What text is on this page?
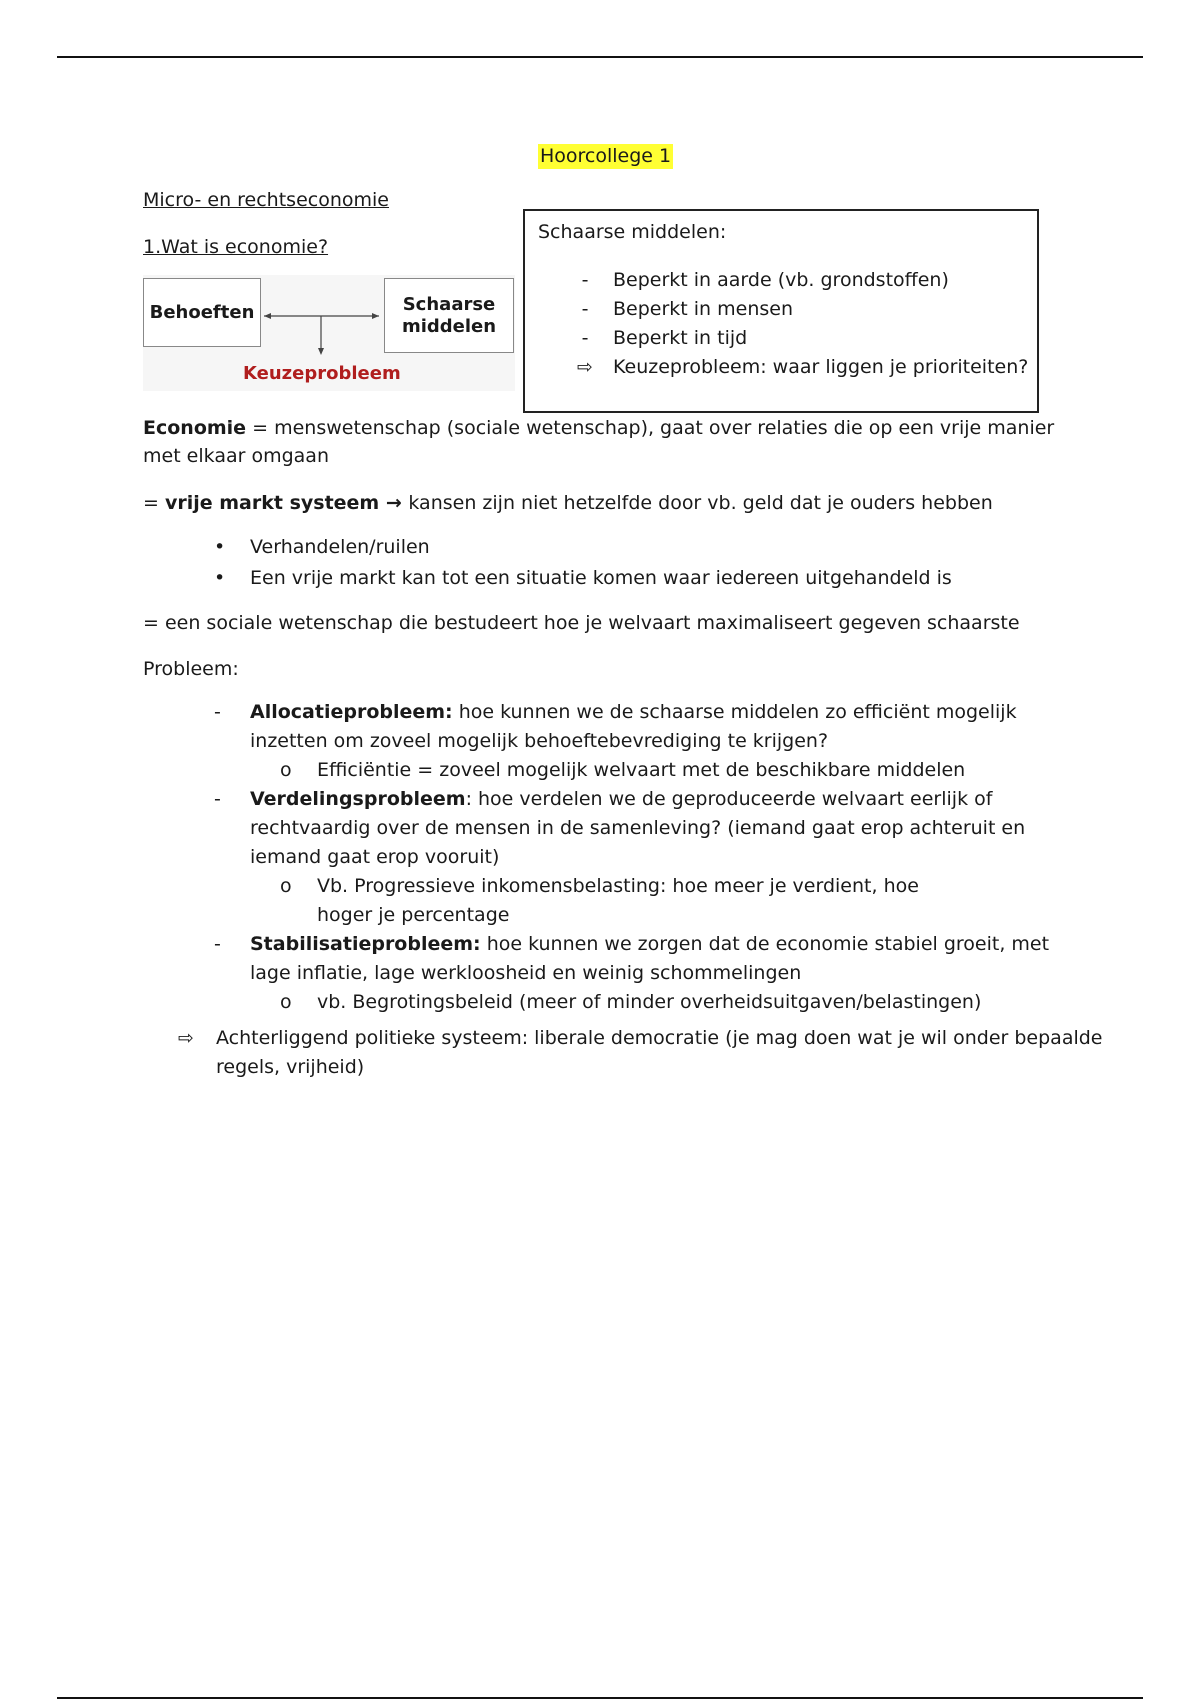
Hoorcollege 1
Micro- en rechtseconomie
1.Wat is economie?
Behoeften	Schaarse
middelen
Keuzeprobleem
Schaarse middelen:
-	Beperkt in aarde (vb. grondstoffen)
-	Beperkt in mensen
-	Beperkt in tijd
⇨ Keuzeprobleem: waar liggen je prioriteiten?

Economie = menswetenschap (sociale wetenschap), gaat over relaties die op een vrije manier met elkaar omgaan

= vrije markt systeem → kansen zijn niet hetzelfde door vb. geld dat je ouders hebben

• Verhandelen/ruilen
• Een vrije markt kan tot een situatie komen waar iedereen uitgehandeld is

= een sociale wetenschap die bestudeert hoe je welvaart maximaliseert gegeven schaarste

Probleem:

- Allocatieprobleem: hoe kunnen we de schaarse middelen zo efficiënt mogelijk inzetten om zoveel mogelijk behoeftebevrediging te krijgen?
o Efficiëntie = zoveel mogelijk welvaart met de beschikbare middelen
- Verdelingsprobleem: hoe verdelen we de geproduceerde welvaart eerlijk of rechtvaardig over de mensen in de samenleving? (iemand gaat erop achteruit en iemand gaat erop vooruit)
o Vb. Progressieve inkomensbelasting: hoe meer je verdient, hoe hoger je percentage
- Stabilisatieprobleem: hoe kunnen we zorgen dat de economie stabiel groeit, met lage inflatie, lage werkloosheid en weinig schommelingen
o vb. Begrotingsbeleid (meer of minder overheidsuitgaven/belastingen)
⇨ Achterliggend politieke systeem: liberale democratie (je mag doen wat je wil onder bepaalde regels, vrijheid)
